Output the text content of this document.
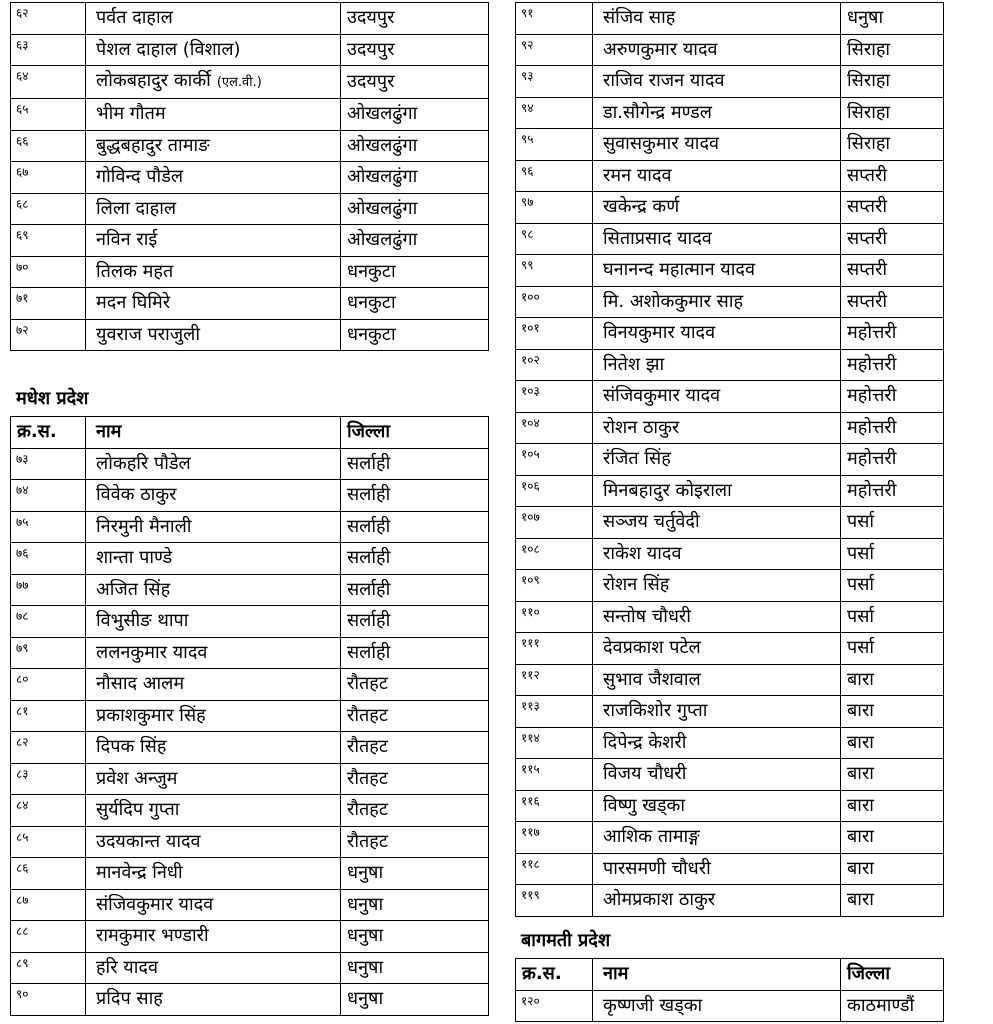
६२	पर्वत दाहाल	उदयपुर
६३	पेशल दाहाल (विशाल)	उदयपुर
६४	लोकबहादुर कार्की (एल.वी.)	उदयपुर
६५	भीम गौतम	ओखलढुंगा
६६	बुद्धबहादुर तामाङ	ओखलढुंगा
६७	गोविन्द पौडेल	ओखलढुंगा
६८	लिला दाहाल	ओखलढुंगा
६९	नविन राई	ओखलढुंगा
७०	तिलक महत	धनकुटा
७१	मदन घिमिरे	धनकुटा
७२	युवराज पराजुली	धनकुटा
मधेश प्रदेश
क्र.स.	नाम	जिल्ला
७३	लोकहरि पौडेल	सर्लाही
७४	विवेक ठाकुर	सर्लाही
७५	निरमुनी मैनाली	सर्लाही
७६	शान्ता पाण्डे	सर्लाही
७७	अजित सिंह	सर्लाही
७८	विभुसीङ थापा	सर्लाही
७९	ललनकुमार यादव	सर्लाही
८०	नौसाद आलम	रौतहट
८१	प्रकाशकुमार सिंह	रौतहट
८२	दिपक सिंह	रौतहट
८३	प्रवेश अन्जुम	रौतहट
८४	सुर्यदिप गुप्ता	रौतहट
८५	उदयकान्त यादव	रौतहट
८६	मानवेन्द्र निधी	धनुषा
८७	संजिवकुमार यादव	धनुषा
८८	रामकुमार भण्डारी	धनुषा
८९	हरि यादव	धनुषा
९०	प्रदिप साह	धनुषा
९१	संजिव साह	धनुषा
९२	अरुणकुमार यादव	सिराहा
९३	राजिव राजन यादव	सिराहा
९४	डा.सौगेन्द्र मण्डल	सिराहा
९५	सुवासकुमार यादव	सिराहा
९६	रमन यादव	सप्तरी
९७	खकेन्द्र कर्ण	सप्तरी
९८	सिताप्रसाद यादव	सप्तरी
९९	घनानन्द महात्मान यादव	सप्तरी
१००	मि. अशोककुमार साह	सप्तरी
१०१	विनयकुमार यादव	महोत्तरी
१०२	नितेश झा	महोत्तरी
१०३	संजिवकुमार यादव	महोत्तरी
१०४	रोशन ठाकुर	महोत्तरी
१०५	रंजित सिंह	महोत्तरी
१०६	मिनबहादुर कोइराला	महोत्तरी
१०७	सञ्जय चर्तुवेदी	पर्सा
१०८	राकेश यादव	पर्सा
१०९	रोशन सिंह	पर्सा
११०	सन्तोष चौधरी	पर्सा
१११	देवप्रकाश पटेल	पर्सा
११२	सुभाव जैशवाल	बारा
११३	राजकिशोर गुप्ता	बारा
११४	दिपेन्द्र केशरी	बारा
११५	विजय चौधरी	बारा
११६	विष्णु खड्का	बारा
११७	आशिक तामाङ्ग	बारा
११८	पारसमणी चौधरी	बारा
११९	ओमप्रकाश ठाकुर	बारा
बागमती प्रदेश
क्र.स.	नाम	जिल्ला
१२०	कृष्णजी खड्का	काठमाण्डौं
